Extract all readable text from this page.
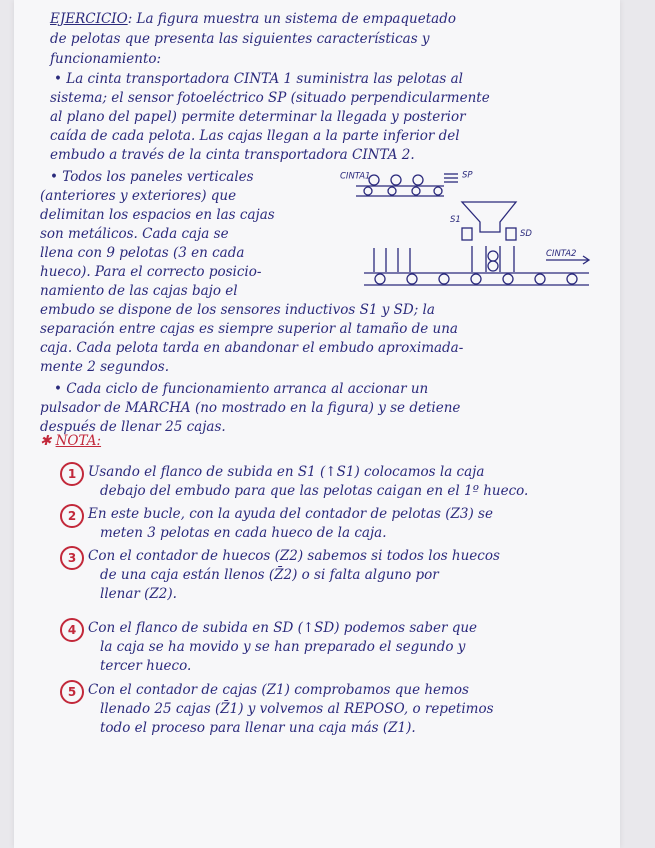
EJERCICIO: La figura muestra un sistema de empaquetado

de pelotas que presenta las siguientes características y

funcionamiento:

• La cinta transportadora CINTA 1 suministra las pelotas al

sistema; el sensor fotoeléctrico SP (situado perpendicularmente

al plano del papel) permite determinar la llegada y posterior

caída de cada pelota. Las cajas llegan a la parte inferior del

embudo a través de la cinta transportadora CINTA 2.

• Todos los paneles verticales

(anteriores y exteriores) que

delimitan los espacios en las cajas

son metálicos. Cada caja se

llena con 9 pelotas (3 en cada

hueco). Para el correcto posicio-

namiento de las cajas bajo el

embudo se dispone de los sensores inductivos S1 y SD; la

separación entre cajas es siempre superior al tamaño de una

caja. Cada pelota tarda en abandonar el embudo aproximada-

mente 2 segundos.

• Cada ciclo de funcionamiento arranca al accionar un

pulsador de MARCHA (no mostrado en la figura) y se detiene

después de llenar 25 cajas.

CINTA1	SP
S1
SD
CINTA2

✱ NOTA:

1 Usando el flanco de subida en S1 (↑S1) colocamos la caja

debajo del embudo para que las pelotas caigan en el 1º hueco.

2 En este bucle, con la ayuda del contador de pelotas (Z3) se

meten 3 pelotas en cada hueco de la caja.

3 Con el contador de huecos (Z2) sabemos si todos los huecos

de una caja están llenos (Z̄2) o si falta alguno por

llenar (Z2).

4 Con el flanco de subida en SD (↑SD) podemos saber que

la caja se ha movido y se han preparado el segundo y

tercer hueco.

5 Con el contador de cajas (Z1) comprobamos que hemos

llenado 25 cajas (Z̄1) y volvemos al REPOSO, o repetimos

todo el proceso para llenar una caja más (Z1).
